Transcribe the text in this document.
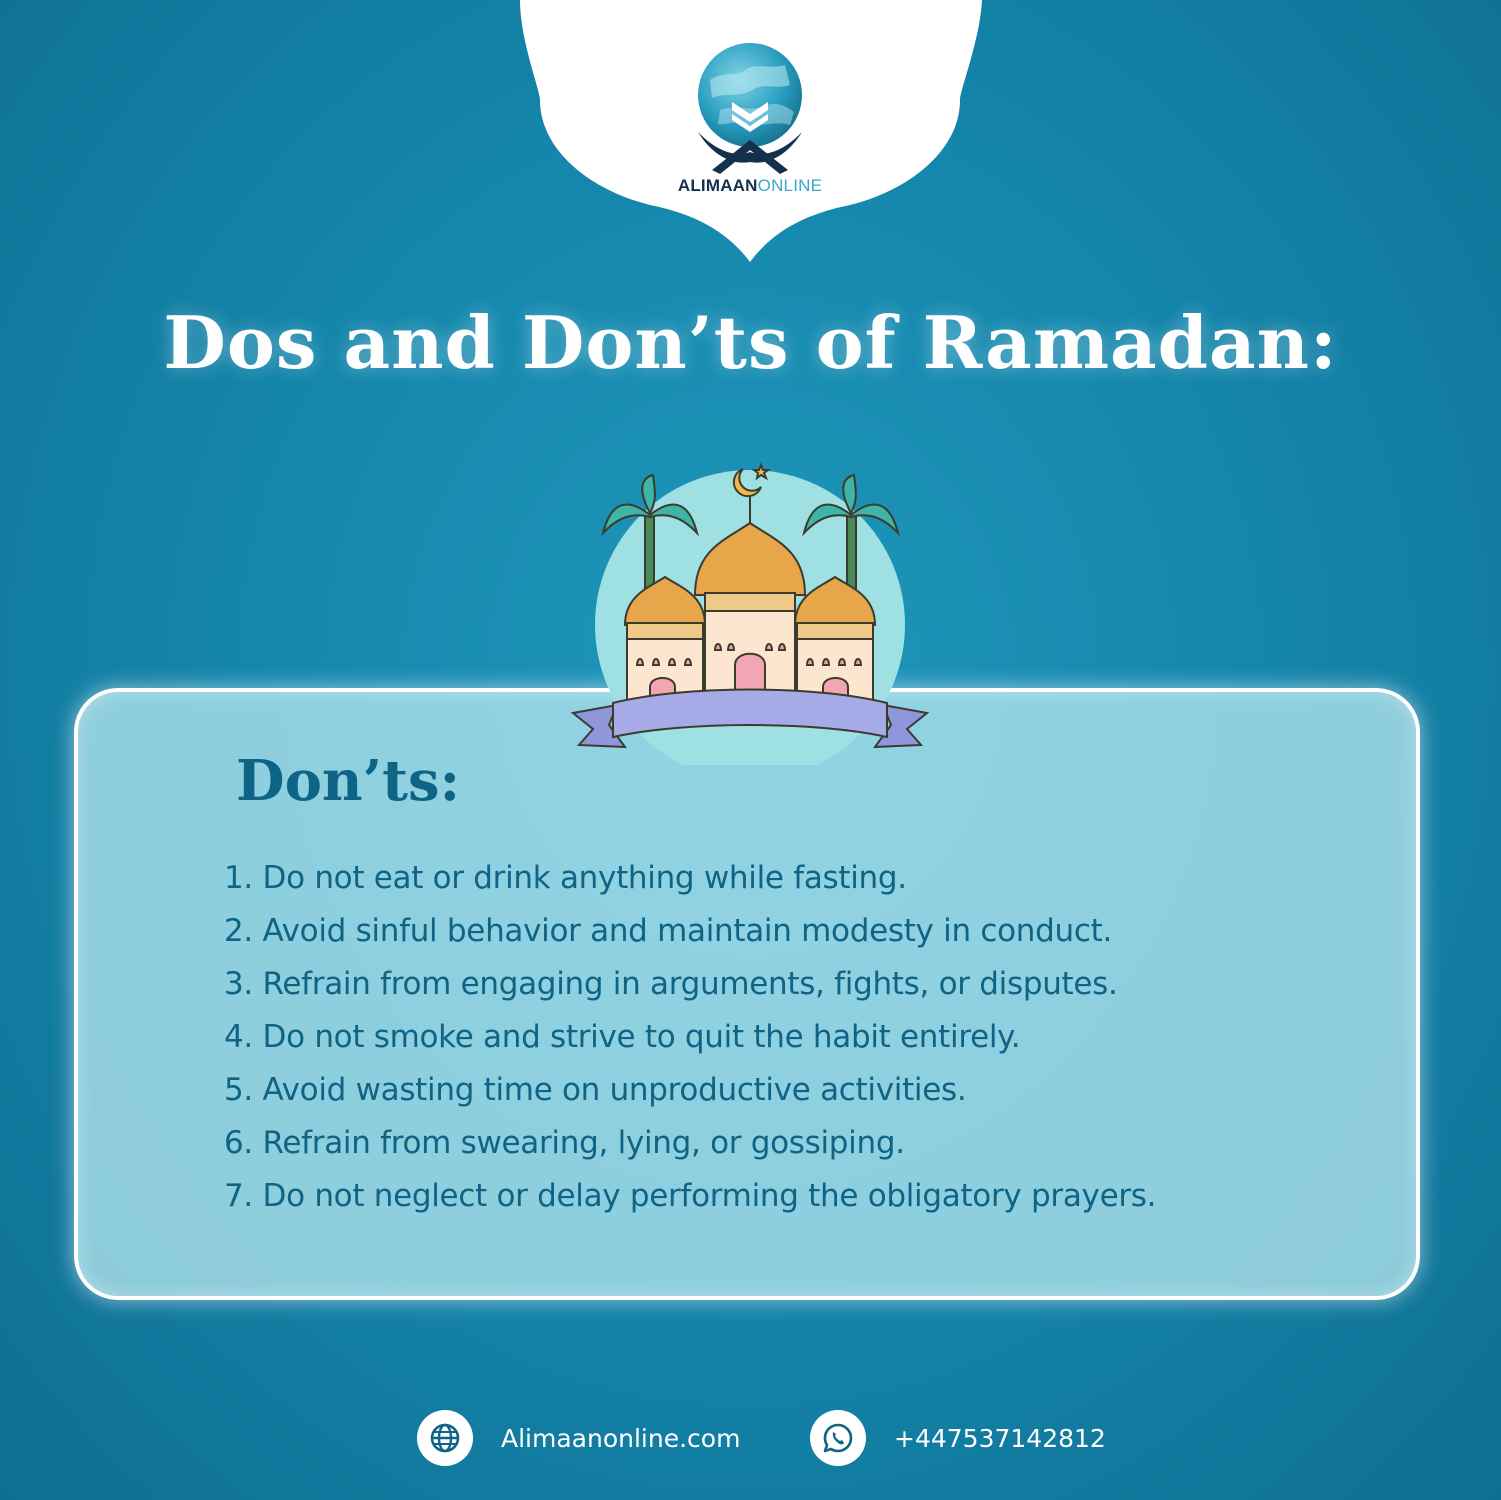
ALIMAANONLINE
Dos and Don’ts of Ramadan:
Don’ts:
1. Do not eat or drink anything while fasting.
2. Avoid sinful behavior and maintain modesty in conduct.
3. Refrain from engaging in arguments, fights, or disputes.
4. Do not smoke and strive to quit the habit entirely.
5. Avoid wasting time on unproductive activities.
6. Refrain from swearing, lying, or gossiping.
7. Do not neglect or delay performing the obligatory prayers.
Alimaanonline.com	+447537142812
